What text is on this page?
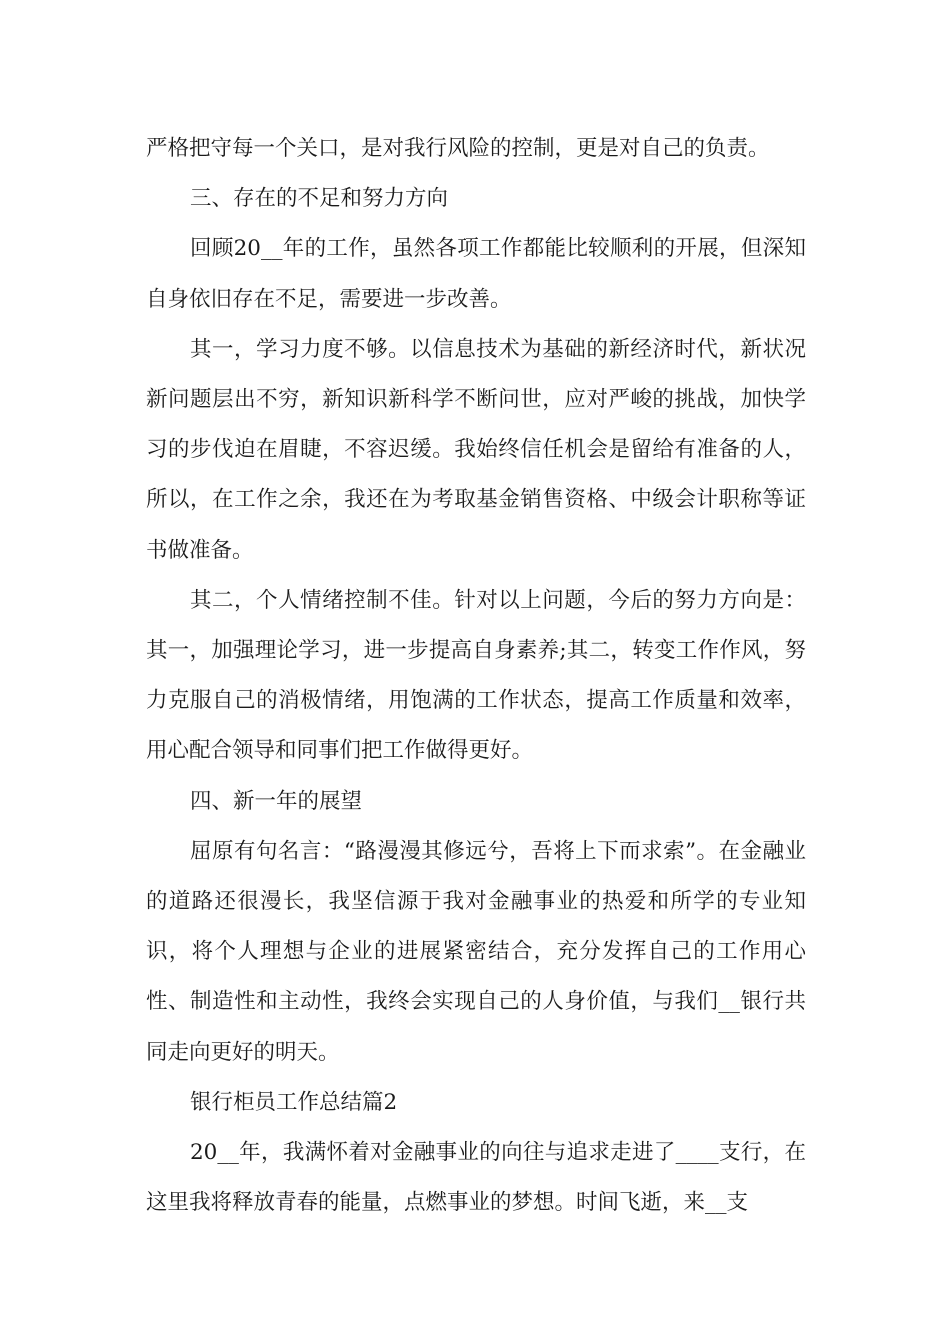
严格把守每一个关口，是对我行风险的控制，更是对自己的负责。

三、存在的不足和努力方向

回顾20__年的工作，虽然各项工作都能比较顺利的开展，但深知自身依旧存在不足，需要进一步改善。

其一，学习力度不够。以信息技术为基础的新经济时代，新状况新问题层出不穷，新知识新科学不断问世，应对严峻的挑战，加快学习的步伐迫在眉睫，不容迟缓。我始终信任机会是留给有准备的人，所以，在工作之余，我还在为考取基金销售资格、中级会计职称等证书做准备。

其二，个人情绪控制不佳。针对以上问题，今后的努力方向是：其一，加强理论学习，进一步提高自身素养;其二，转变工作作风，努力克服自己的消极情绪，用饱满的工作状态，提高工作质量和效率，用心配合领导和同事们把工作做得更好。

四、新一年的展望

屈原有句名言：“路漫漫其修远兮，吾将上下而求索”。在金融业的道路还很漫长，我坚信源于我对金融事业的热爱和所学的专业知识，将个人理想与企业的进展紧密结合，充分发挥自己的工作用心性、制造性和主动性，我终会实现自己的人身价值，与我们__银行共同走向更好的明天。

银行柜员工作总结篇2

20__年，我满怀着对金融事业的向往与追求走进了____支行，在这里我将释放青春的能量，点燃事业的梦想。时间飞逝，来__支
